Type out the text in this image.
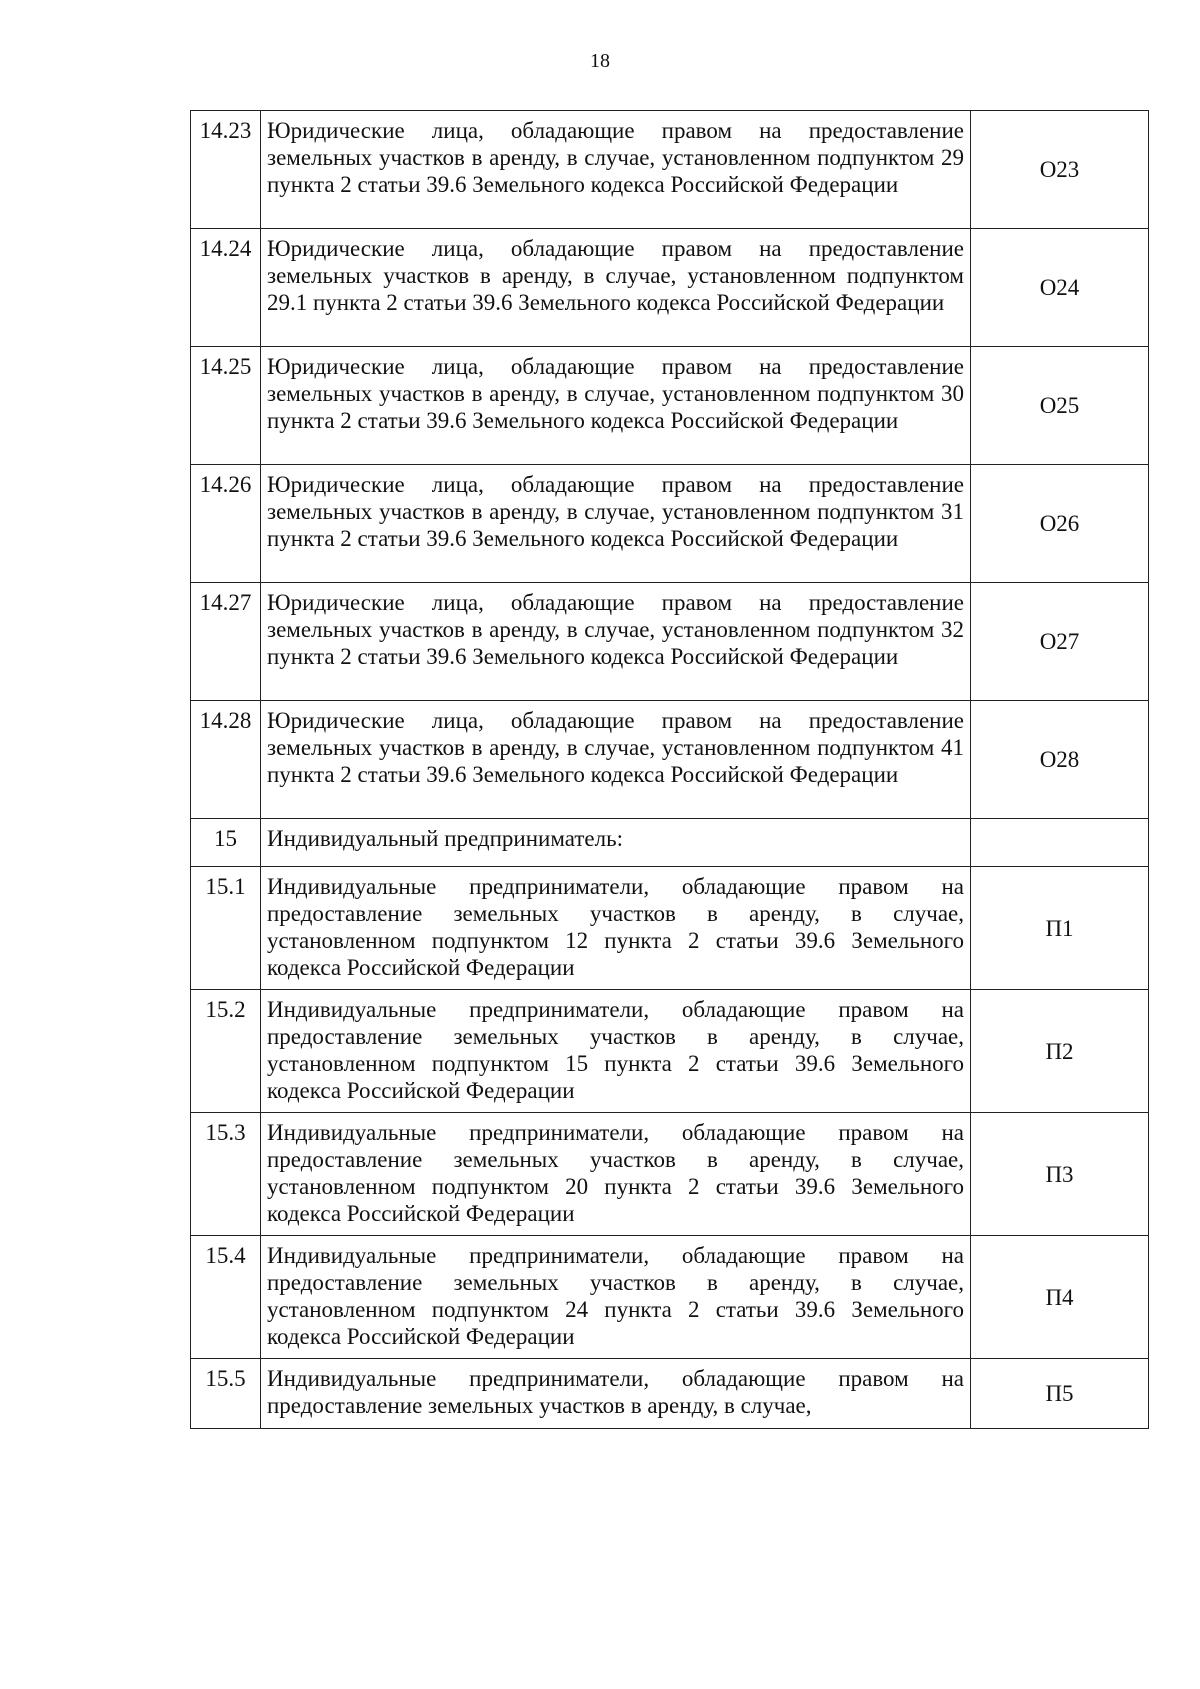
18
14.23	Юридические лица, обладающие правом на предоставление земельных участков в аренду, в случае, установленном подпунктом 29 пункта 2 статьи 39.6 Земельного кодекса Российской Федерации	О23
14.24	Юридические лица, обладающие правом на предоставление земельных участков в аренду, в случае, установленном подпунктом 29.1 пункта 2 статьи 39.6 Земельного кодекса Российской Федерации	О24
14.25	Юридические лица, обладающие правом на предоставление земельных участков в аренду, в случае, установленном подпунктом 30 пункта 2 статьи 39.6 Земельного кодекса Российской Федерации	О25
14.26	Юридические лица, обладающие правом на предоставление земельных участков в аренду, в случае, установленном подпунктом 31 пункта 2 статьи 39.6 Земельного кодекса Российской Федерации	О26
14.27	Юридические лица, обладающие правом на предоставление земельных участков в аренду, в случае, установленном подпунктом 32 пункта 2 статьи 39.6 Земельного кодекса Российской Федерации	О27
14.28	Юридические лица, обладающие правом на предоставление земельных участков в аренду, в случае, установленном подпунктом 41 пункта 2 статьи 39.6 Земельного кодекса Российской Федерации	О28
15	Индивидуальный предприниматель:	
15.1	Индивидуальные предприниматели, обладающие правом на предоставление земельных участков в аренду, в случае, установленном подпунктом 12 пункта 2 статьи 39.6 Земельного кодекса Российской Федерации	П1
15.2	Индивидуальные предприниматели, обладающие правом на предоставление земельных участков в аренду, в случае, установленном подпунктом 15 пункта 2 статьи 39.6 Земельного кодекса Российской Федерации	П2
15.3	Индивидуальные предприниматели, обладающие правом на предоставление земельных участков в аренду, в случае, установленном подпунктом 20 пункта 2 статьи 39.6 Земельного кодекса Российской Федерации	П3
15.4	Индивидуальные предприниматели, обладающие правом на предоставление земельных участков в аренду, в случае, установленном подпунктом 24 пункта 2 статьи 39.6 Земельного кодекса Российской Федерации	П4
15.5	Индивидуальные предприниматели, обладающие правом на предоставление земельных участков в аренду, в случае,	П5
